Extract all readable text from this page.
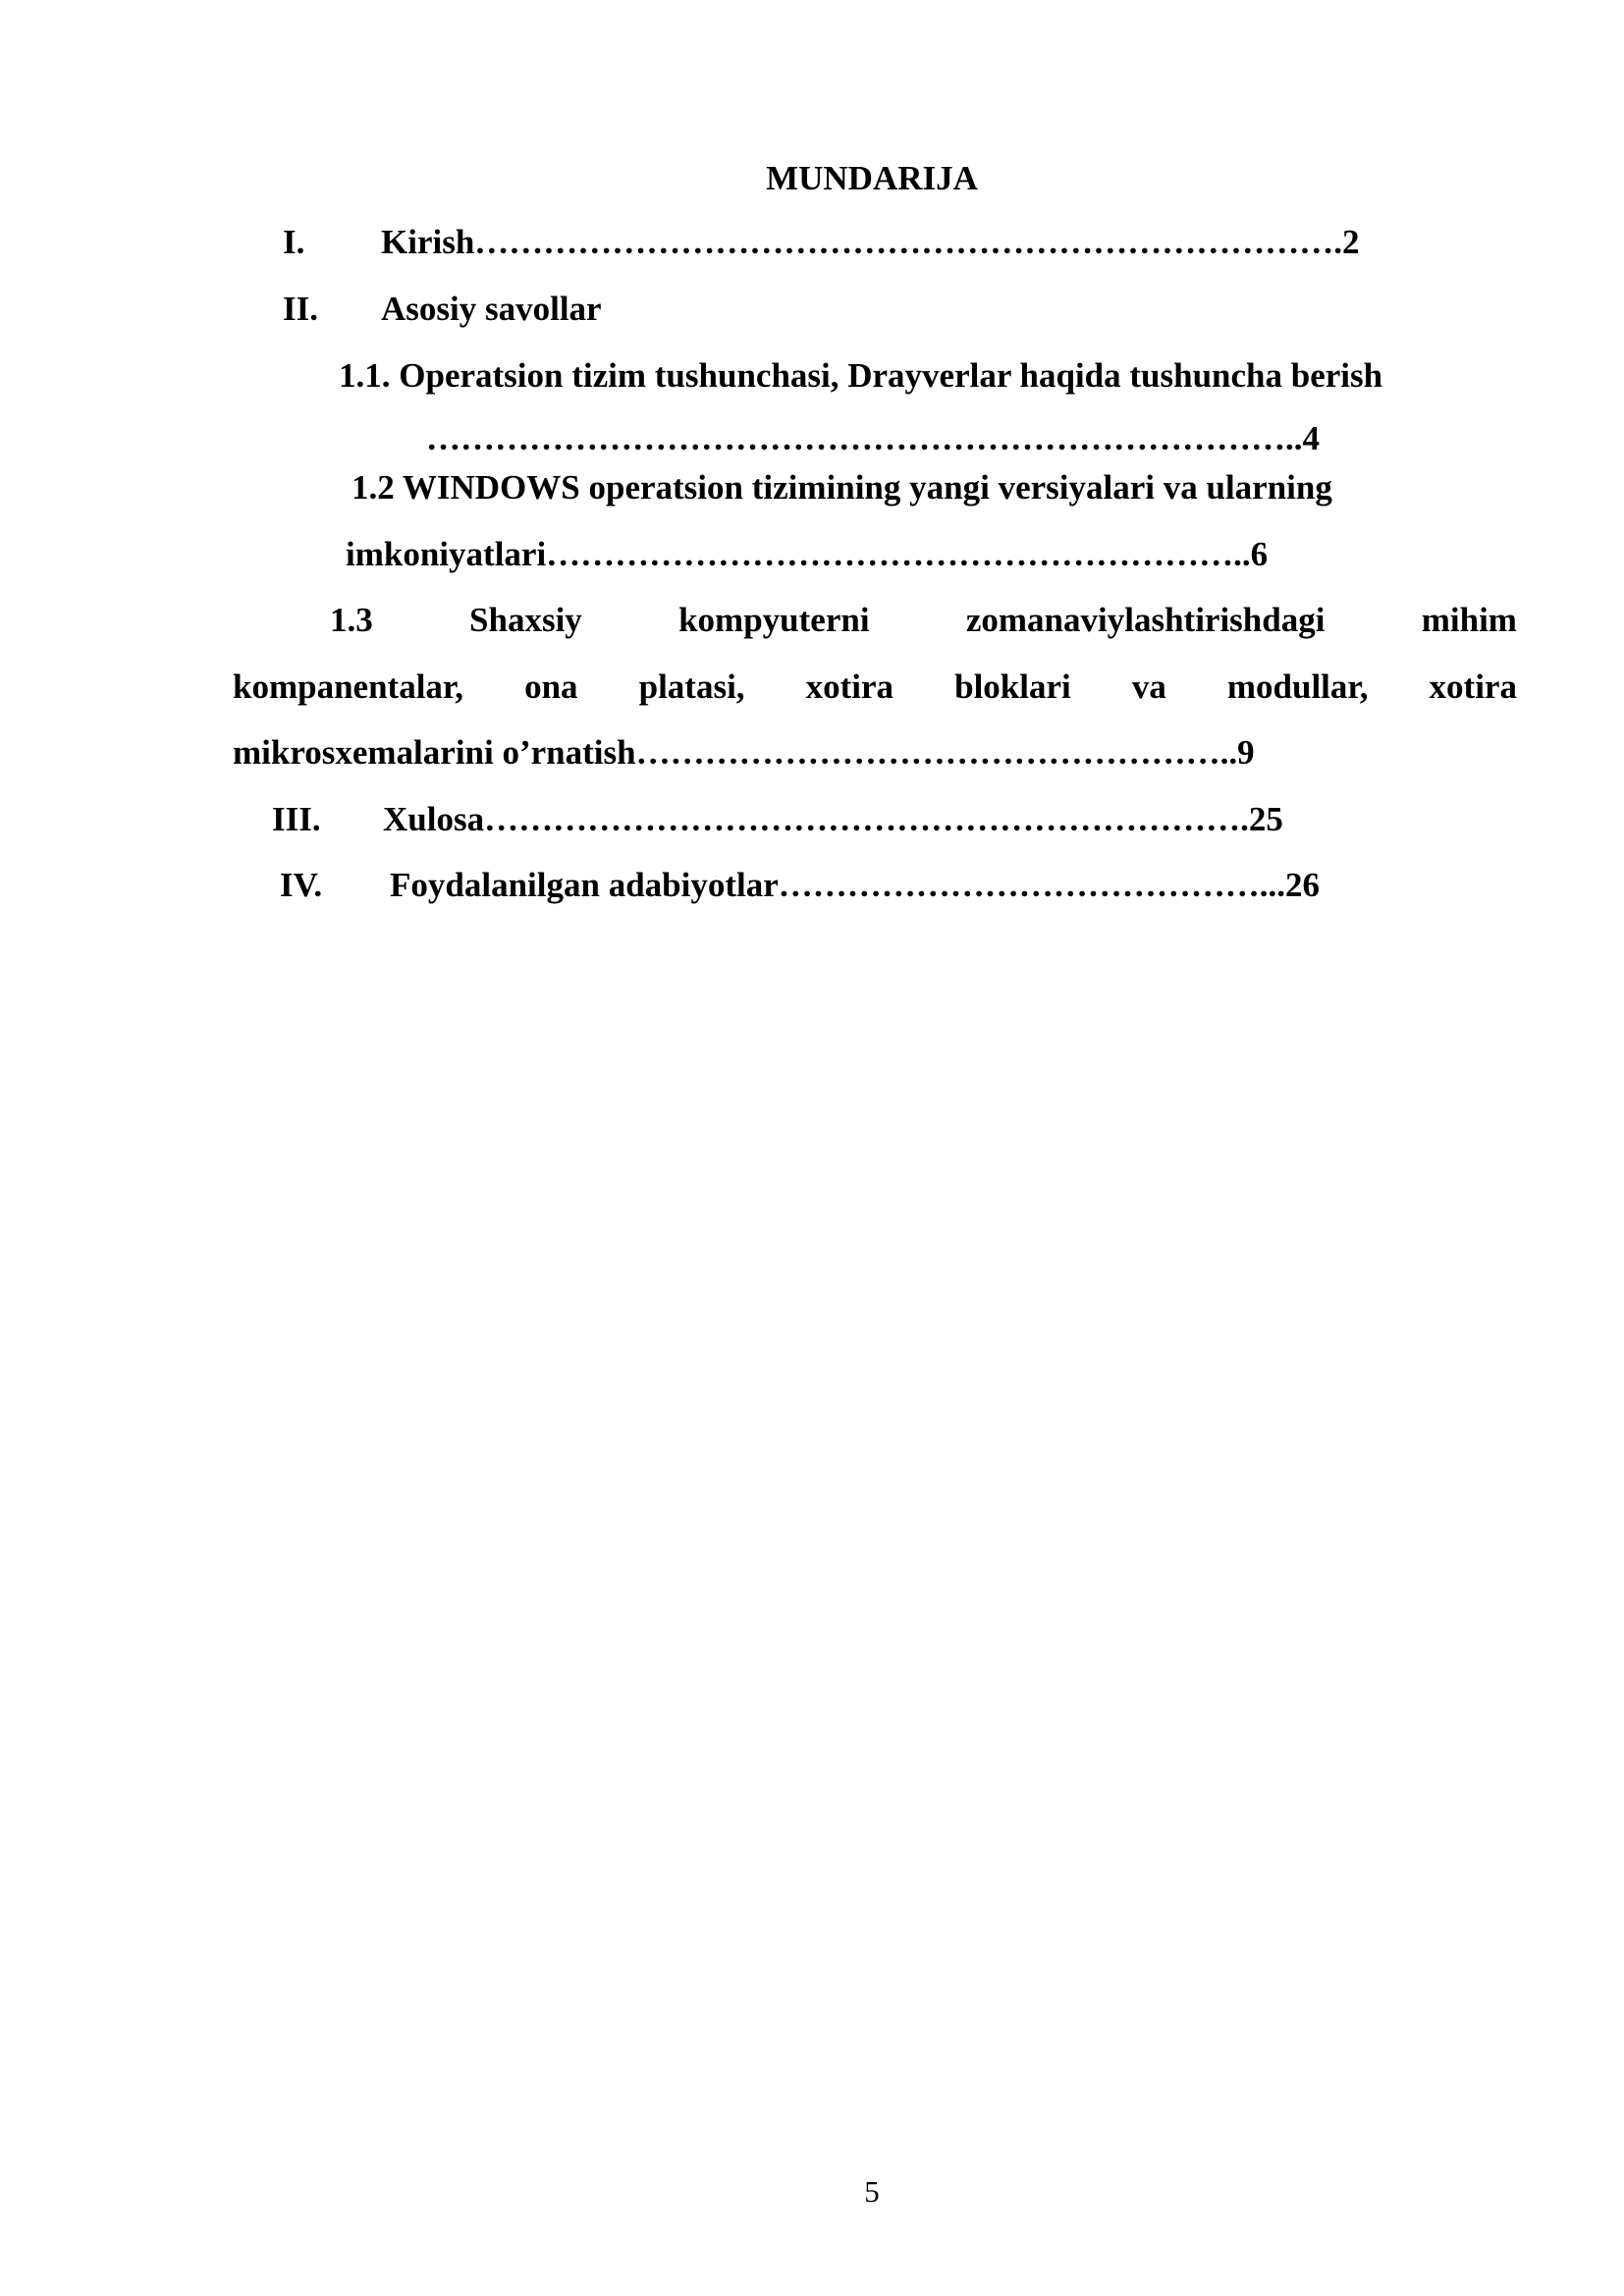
MUNDARIJA
I. Kirish………………………………………………………………….2
II. Asosiy savollar
1.1. Operatsion tizim tushunchasi, Drayverlar haqida tushuncha berish
…………………………………………………………………..4
1.2 WINDOWS operatsion tizimining yangi versiyalari va ularning
imkoniyatlari……………………………………………………..6
1.3	Shaxsiy	kompyuterni	zomanaviylashtirishdagi	mihim
kompanentalar, ona platasi, xotira bloklari va modullar, xotira
mikrosxemalarini o’rnatish……………………………………………..9
III. Xulosa………………………………………………………….25
IV. Foydalanilgan adabiyotlar……………………………………...26
5
